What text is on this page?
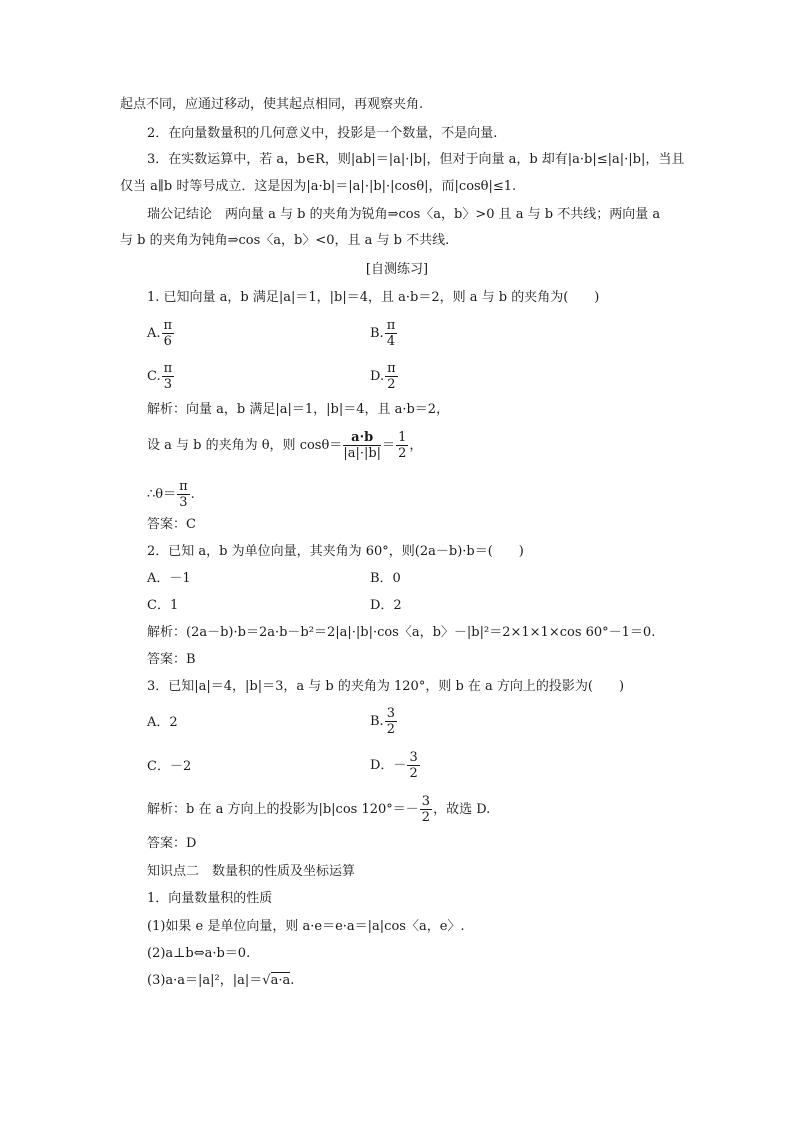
起点不同，应通过移动，使其起点相同，再观察夹角.
2．在向量数量积的几何意义中，投影是一个数量，不是向量.
3．在实数运算中，若 a，b∈R，则|ab|＝|a|·|b|，但对于向量 a，b 却有|a·b|≤|a|·|b|，当且
仅当 a∥b 时等号成立．这是因为|a·b|＝|a|·|b|·|cosθ|，而|cosθ|≤1.
瑞公记结论　两向量 a 与 b 的夹角为锐角⇒cos〈a，b〉>0 且 a 与 b 不共线；两向量 a
与 b 的夹角为钝角⇒cos〈a，b〉<0，且 a 与 b 不共线.
[自测练习]
1. 已知向量 a，b 满足|a|＝1，|b|＝4，且 a·b＝2，则 a 与 b 的夹角为(　　)
A. $\frac{\pi}{6}$	B. $\frac{\pi}{4}$
C. $\frac{\pi}{3}$	D. $\frac{\pi}{2}$
解析：向量 a，b 满足|a|＝1，|b|＝4，且 a·b＝2，
设 a 与 b 的夹角为 θ，则 $\cos\theta= \frac{a\cdot b}{|a|\cdot|b|} = \frac{1}{2}$ ，
∴θ＝ $\frac{\pi}{3}$ .
答案：C
2．已知 a，b 为单位向量，其夹角为 60°，则(2a－b)·b＝(　　)
A．－1	B．0
C．1	D．2
解析：(2a－b)·b＝2a·b－b²＝2|a|·|b|·cos〈a，b〉－|b|²＝2×1×1×cos 60°－1＝0.
答案：B
3．已知|a|＝4，|b|＝3，a 与 b 的夹角为 120°，则 b 在 a 方向上的投影为(　　)
A．2	B. $\frac{3}{2}$
C．－2	D．－ $\frac{3}{2}$
解析：b 在 a 方向上的投影为|b|cos $120^\circ=- \frac{3}{2}$ ，故选 D.
答案：D
知识点二　数量积的性质及坐标运算
1．向量数量积的性质
(1)如果 e 是单位向量，则 a·e＝e·a＝|a|cos〈a，e〉.
(2)a⊥b⇔a·b＝0.
(3)a·a＝|a|²，|a|＝√a·a.
